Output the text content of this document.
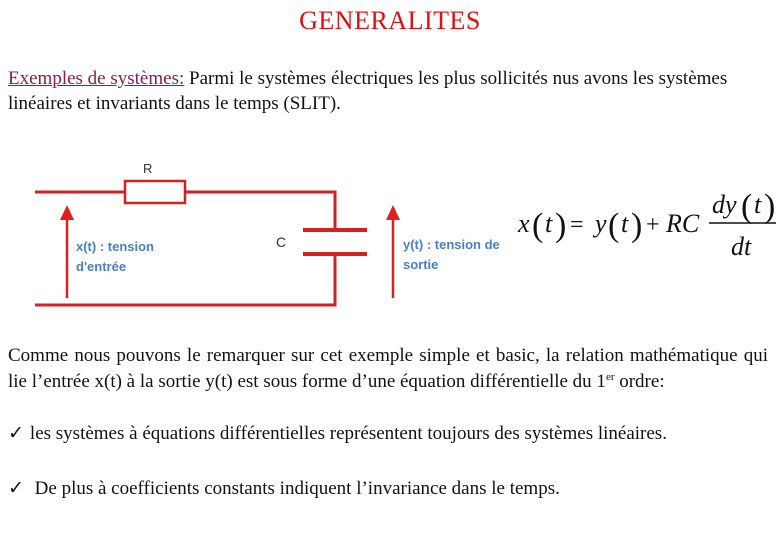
GENERALITES
Exemples de systèmes: Parmi le systèmes électriques les plus sollicités nus avons les systèmes linéaires et invariants dans le temps (SLIT).
R
C
x(t) : tension
d'entrée
y(t) : tension de
sortie
x ( t ) = y ( t ) + RC
dy ( t )
dt
Comme nous pouvons le remarquer sur cet exemple simple et basic, la relation mathématique qui lie l’entrée x(t) à la sortie y(t) est sous forme d’une équation différentielle du 1er ordre:
✓ les systèmes à équations différentielles représentent toujours des systèmes linéaires.
✓ De plus à coefficients constants indiquent l’invariance dans le temps.
